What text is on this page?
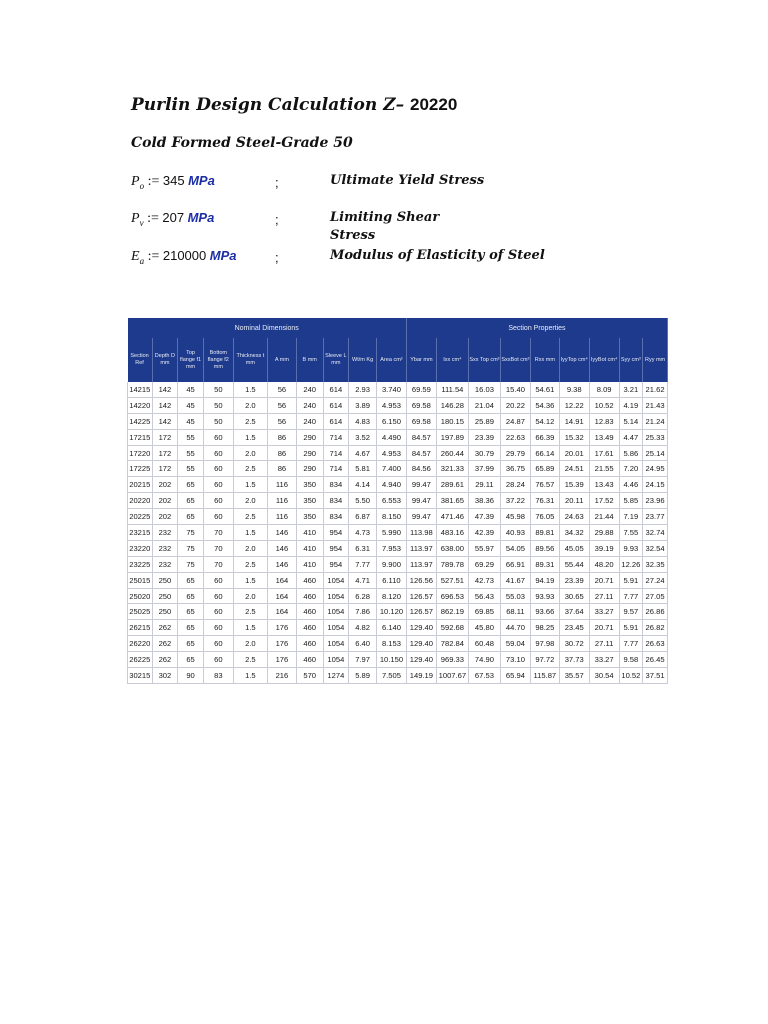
Purlin Design Calculation Z– 20220
Cold Formed Steel-Grade 50
$P_o$ := 345 MPa	;	Ultimate Yield Stress
$P_v$ := 207 MPa	;	Limiting Shear
Stress
$E_a$ := 210000 MPa	;	Modulus of Elasticity of Steel
Nominal Dimensions										Section Properties								
Section Ref	Depth D mm	Top flange f1 mm	Bottom flange f2 mm	Thickness t mm	A mm	B mm	Sleeve L mm	Wt/m Kg	Area cm²	Ybar mm	Ixx cm⁴	Sxx Top cm³	SxxBot cm³	Rxx mm	IyyTop cm⁴	IyyBot cm⁴	Syy cm³	Ryy mm
14215	142	45	50	1.5	56	240	614	2.93	3.740	69.59	111.54	16.03	15.40	54.61	9.38	8.09	3.21	21.62
14220	142	45	50	2.0	56	240	614	3.89	4.953	69.58	146.28	21.04	20.22	54.36	12.22	10.52	4.19	21.43
14225	142	45	50	2.5	56	240	614	4.83	6.150	69.58	180.15	25.89	24.87	54.12	14.91	12.83	5.14	21.24
17215	172	55	60	1.5	86	290	714	3.52	4.490	84.57	197.89	23.39	22.63	66.39	15.32	13.49	4.47	25.33
17220	172	55	60	2.0	86	290	714	4.67	4.953	84.57	260.44	30.79	29.79	66.14	20.01	17.61	5.86	25.14
17225	172	55	60	2.5	86	290	714	5.81	7.400	84.56	321.33	37.99	36.75	65.89	24.51	21.55	7.20	24.95
20215	202	65	60	1.5	116	350	834	4.14	4.940	99.47	289.61	29.11	28.24	76.57	15.39	13.43	4.46	24.15
20220	202	65	60	2.0	116	350	834	5.50	6.553	99.47	381.65	38.36	37.22	76.31	20.11	17.52	5.85	23.96
20225	202	65	60	2.5	116	350	834	6.87	8.150	99.47	471.46	47.39	45.98	76.05	24.63	21.44	7.19	23.77
23215	232	75	70	1.5	146	410	954	4.73	5.990	113.98	483.16	42.39	40.93	89.81	34.32	29.88	7.55	32.74
23220	232	75	70	2.0	146	410	954	6.31	7.953	113.97	638.00	55.97	54.05	89.56	45.05	39.19	9.93	32.54
23225	232	75	70	2.5	146	410	954	7.77	9.900	113.97	789.78	69.29	66.91	89.31	55.44	48.20	12.26	32.35
25015	250	65	60	1.5	164	460	1054	4.71	6.110	126.56	527.51	42.73	41.67	94.19	23.39	20.71	5.91	27.24
25020	250	65	60	2.0	164	460	1054	6.28	8.120	126.57	696.53	56.43	55.03	93.93	30.65	27.11	7.77	27.05
25025	250	65	60	2.5	164	460	1054	7.86	10.120	126.57	862.19	69.85	68.11	93.66	37.64	33.27	9.57	26.86
26215	262	65	60	1.5	176	460	1054	4.82	6.140	129.40	592.68	45.80	44.70	98.25	23.45	20.71	5.91	26.82
26220	262	65	60	2.0	176	460	1054	6.40	8.153	129.40	782.84	60.48	59.04	97.98	30.72	27.11	7.77	26.63
26225	262	65	60	2.5	176	460	1054	7.97	10.150	129.40	969.33	74.90	73.10	97.72	37.73	33.27	9.58	26.45
30215	302	90	83	1.5	216	570	1274	5.89	7.505	149.19	1007.67	67.53	65.94	115.87	35.57	30.54	10.52	37.51
